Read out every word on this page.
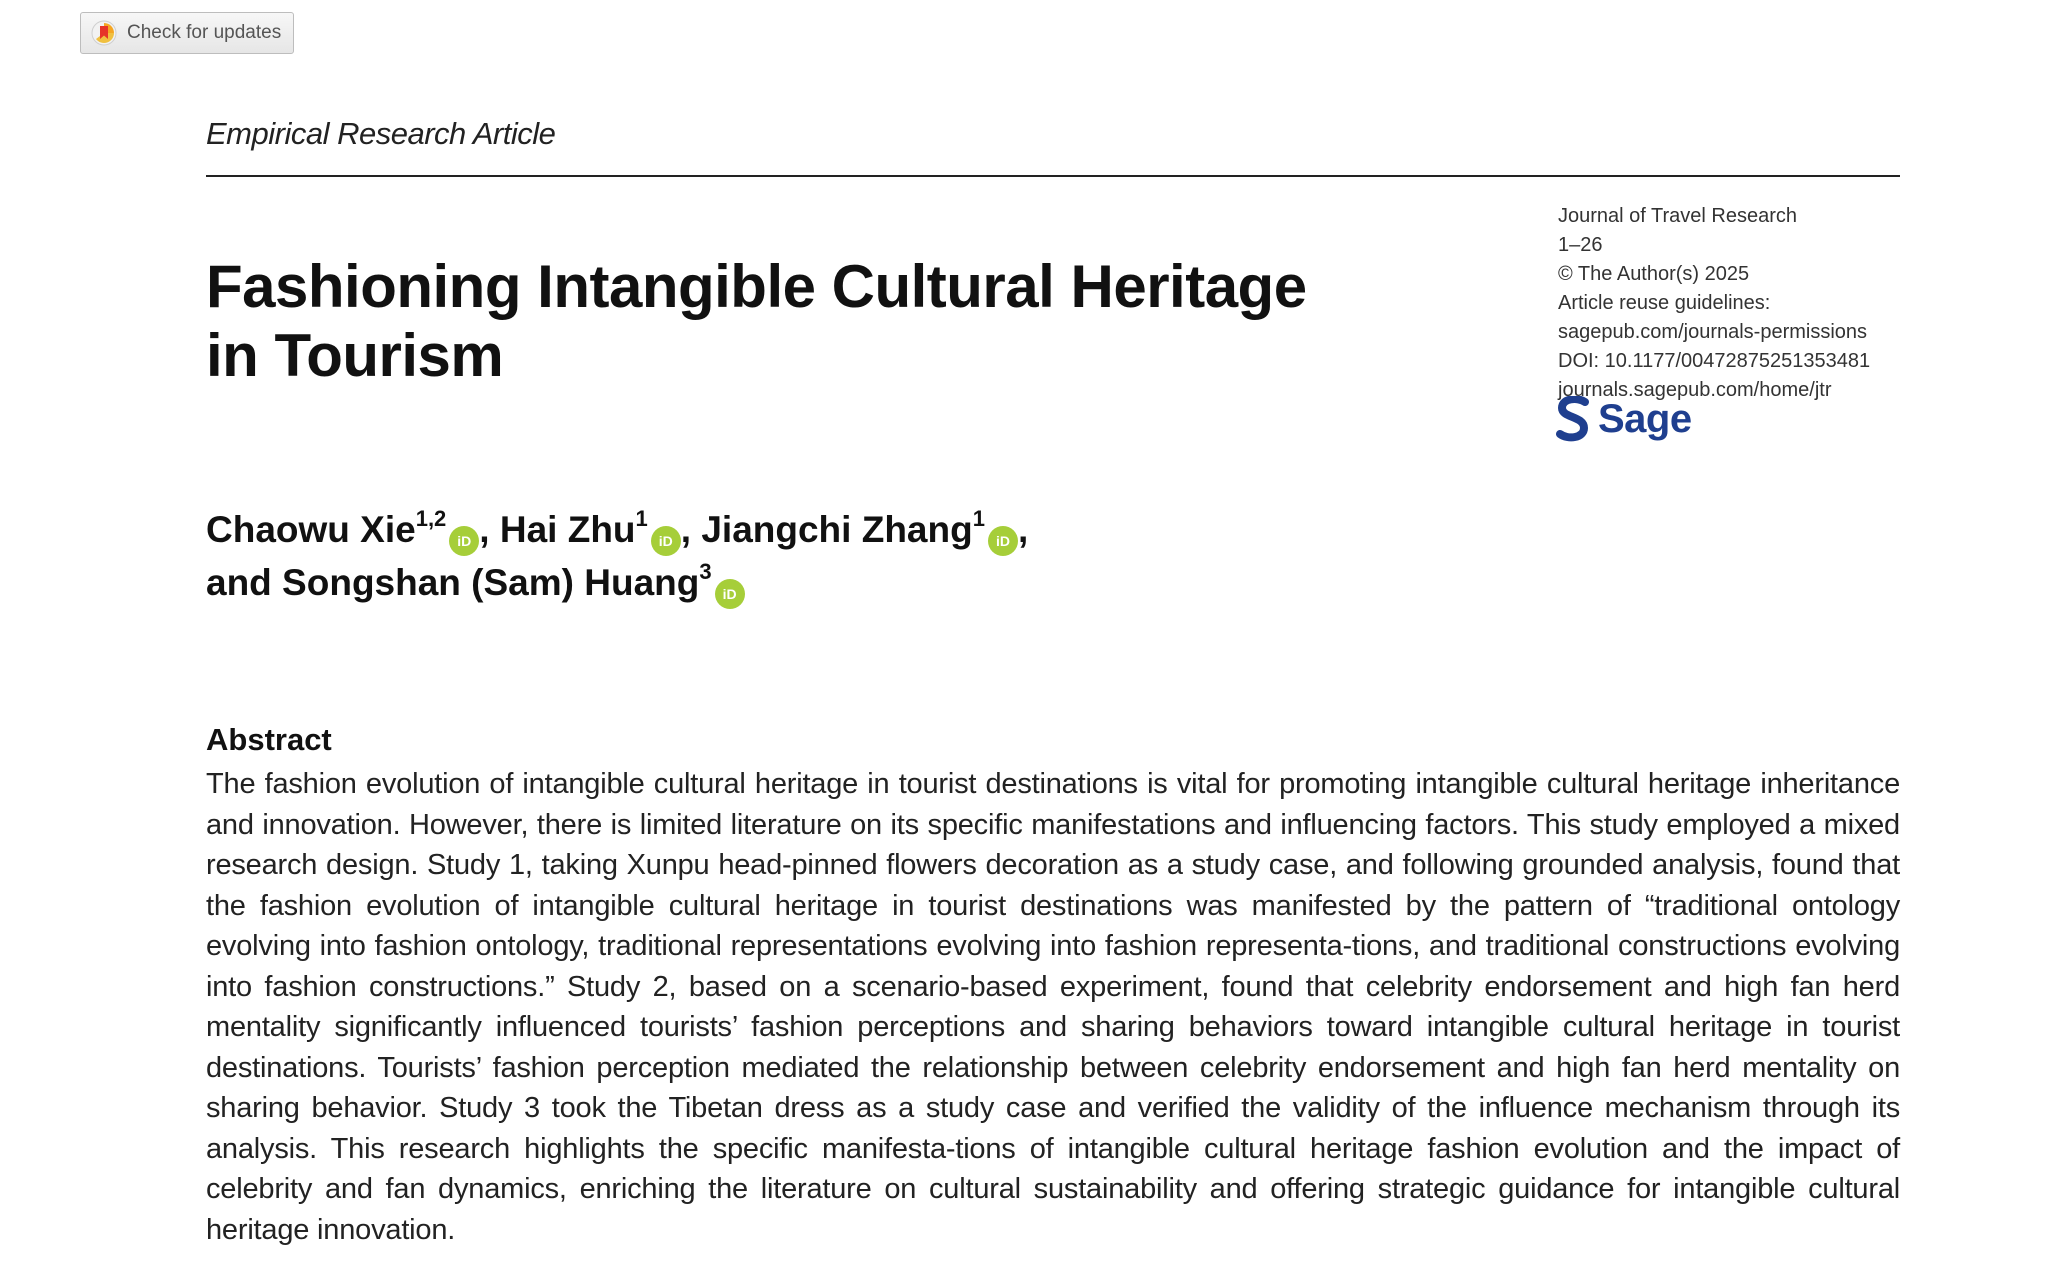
Check for updates
Empirical Research Article
Fashioning Intangible Cultural Heritage in Tourism
Journal of Travel Research
1–26
© The Author(s) 2025
Article reuse guidelines:
sagepub.com/journals-permissions
DOI: 10.1177/00472875251353481
journals.sagepub.com/home/jtr
Sage
Chaowu Xie$^{1,2}$iD , Hai Zhu$^1$iD , Jiangchi Zhang$^1$iD ,
and Songshan (Sam) Huang$^3$iD
Abstract

The fashion evolution of intangible cultural heritage in tourist destinations is vital for promoting intangible cultural heritage inheritance and innovation. However, there is limited literature on its specific manifestations and influencing factors. This study employed a mixed research design. Study 1, taking Xunpu head-pinned flowers decoration as a study case, and following grounded analysis, found that the fashion evolution of intangible cultural heritage in tourist destinations was manifested by the pattern of “traditional ontology evolving into fashion ontology, traditional representations evolving into fashion representa-tions, and traditional constructions evolving into fashion constructions.” Study 2, based on a scenario-based experiment, found that celebrity endorsement and high fan herd mentality significantly influenced tourists’ fashion perceptions and sharing behaviors toward intangible cultural heritage in tourist destinations. Tourists’ fashion perception mediated the relationship between celebrity endorsement and high fan herd mentality on sharing behavior. Study 3 took the Tibetan dress as a study case and verified the validity of the influence mechanism through its analysis. This research highlights the specific manifesta-tions of intangible cultural heritage fashion evolution and the impact of celebrity and fan dynamics, enriching the literature on cultural sustainability and offering strategic guidance for intangible cultural heritage innovation.
